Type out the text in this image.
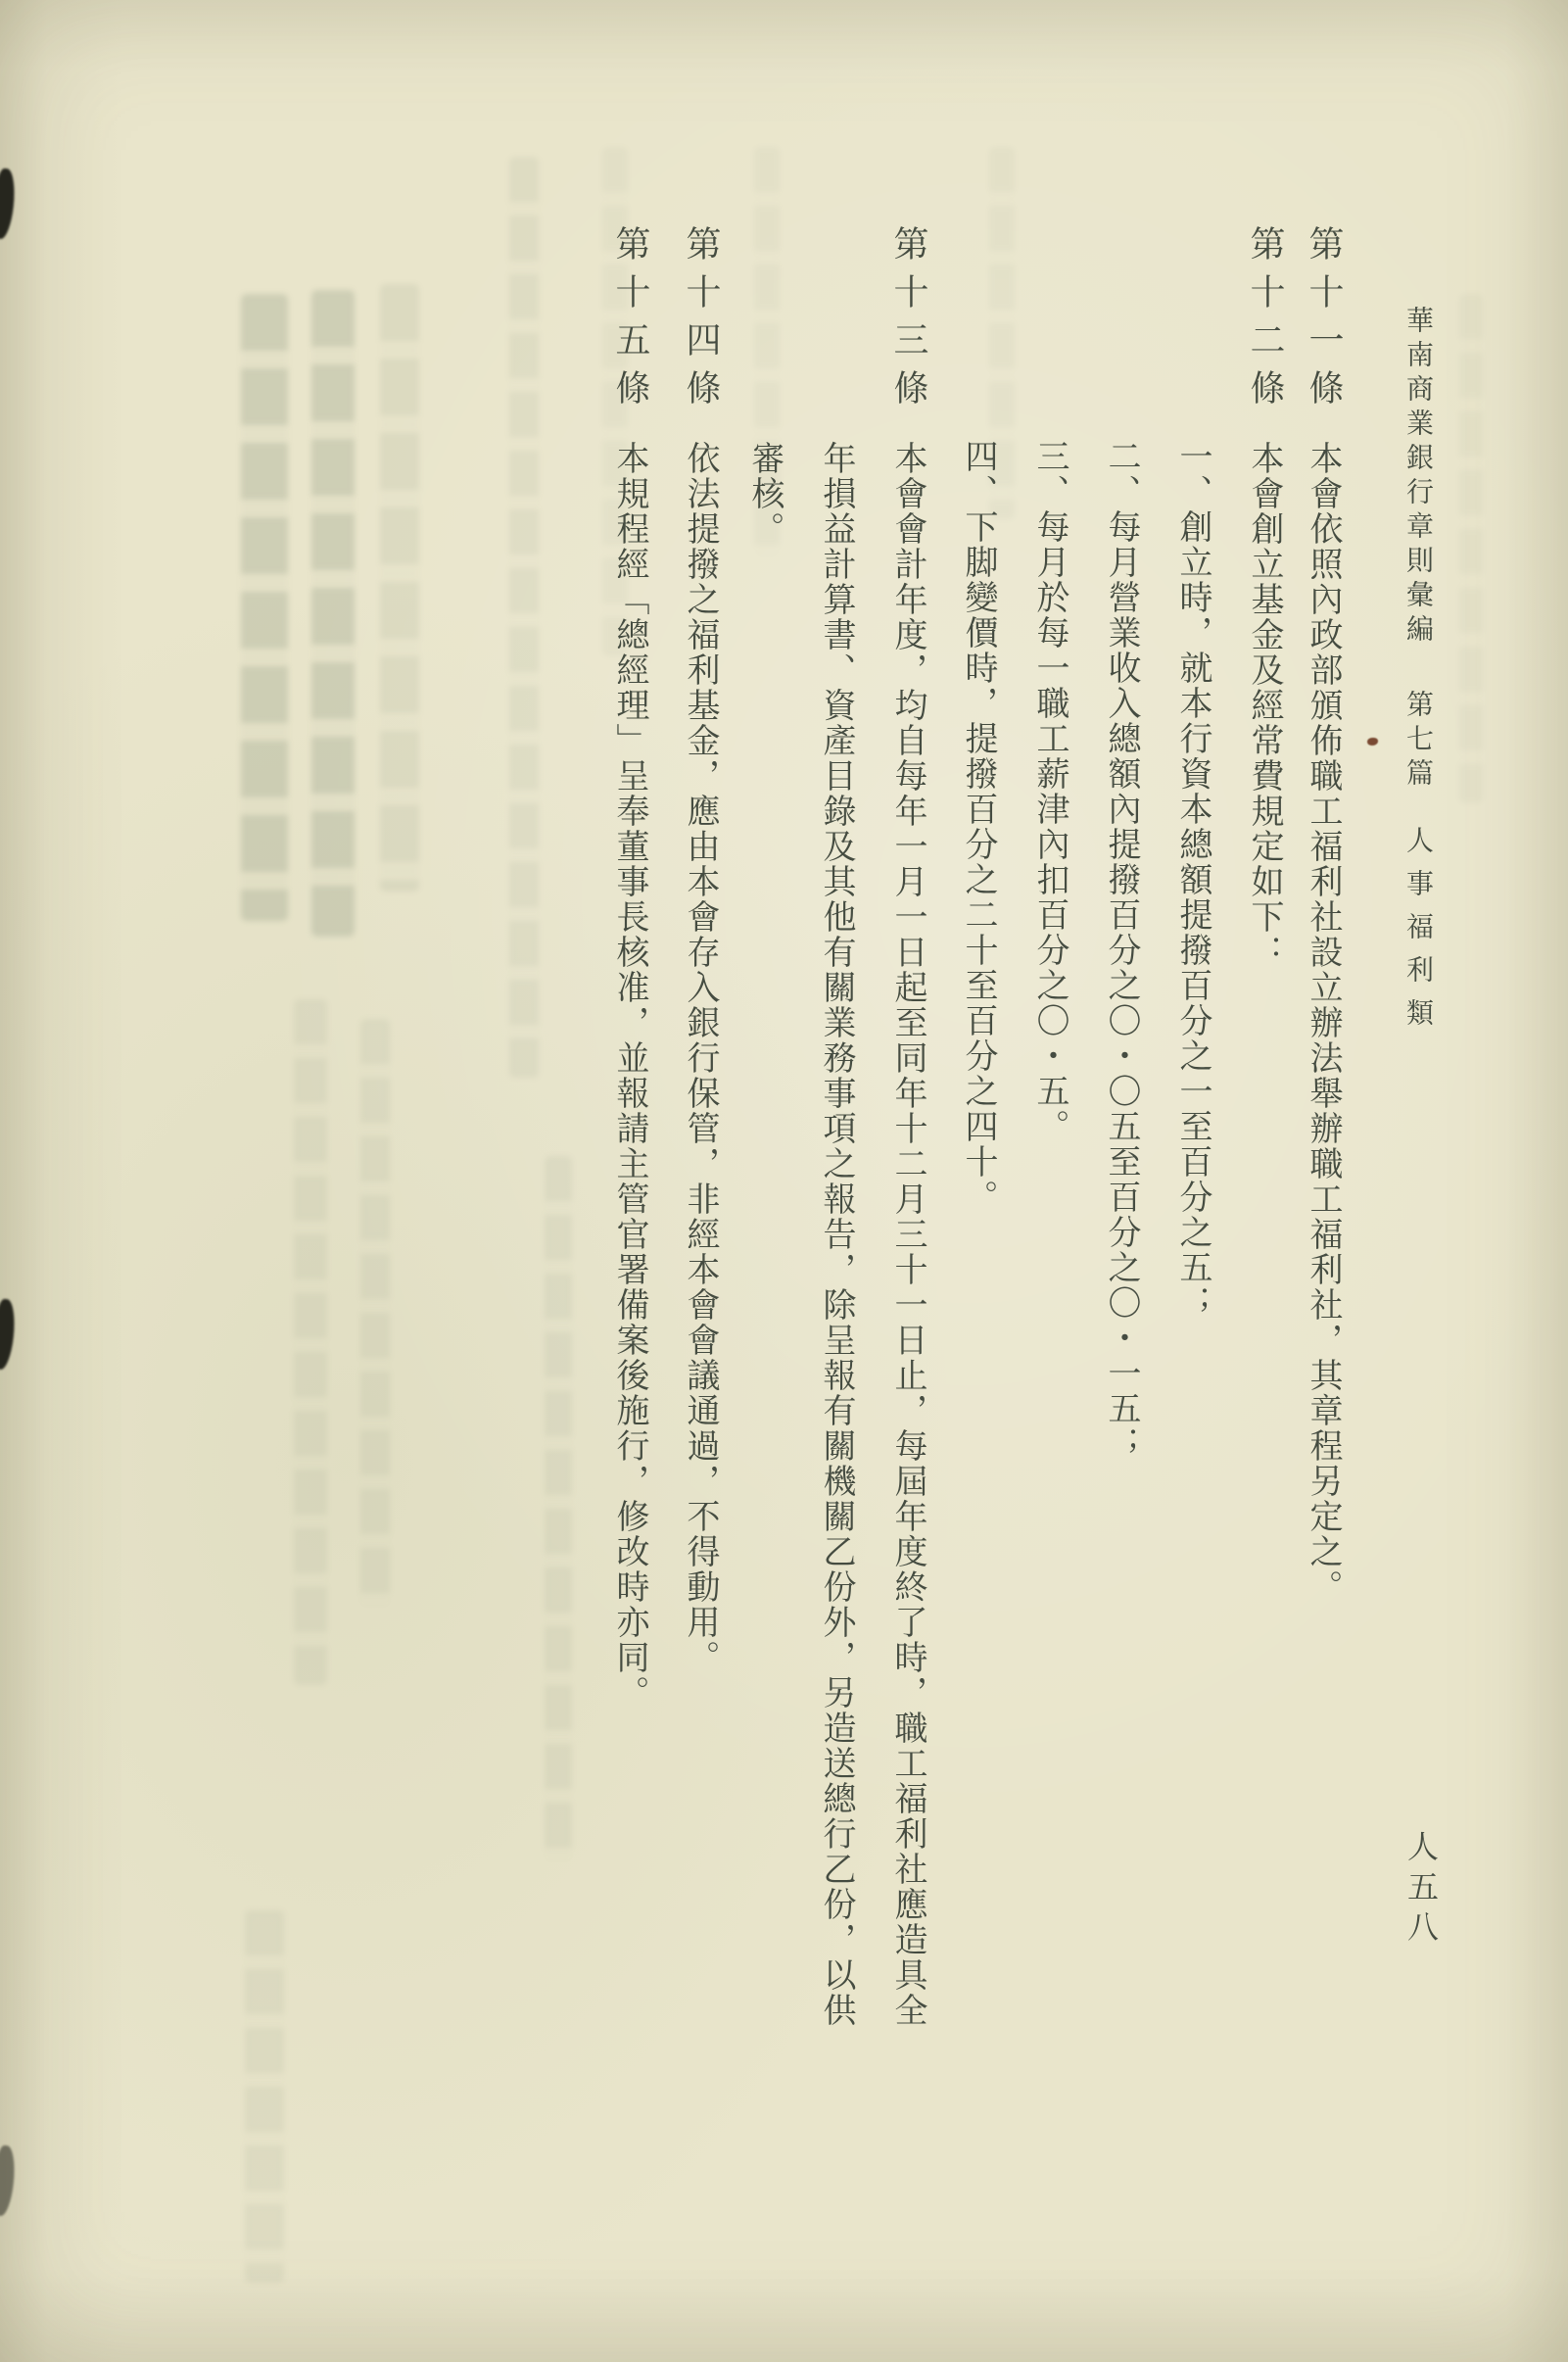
華南商業銀行章則彙編第七篇人事福利類
第十一條本會依照內政部頒佈職工福利社設立辦法舉辦職工福利社，其章程另定之。
第十二條本會創立基金及經常費規定如下：
一、創立時，就本行資本總額提撥百分之一至百分之五；
二、每月營業收入總額內提撥百分之〇・〇五至百分之〇・一五；
三、每月於每一職工薪津內扣百分之〇・五。
四、下脚變價時，提撥百分之二十至百分之四十。
第十三條本會會計年度，均自每年一月一日起至同年十二月三十一日止，每屆年度終了時，職工福利社應造具全年損益計算書、資產目錄及其他有關業務事項之報告，除呈報有關機關乙份外，另造送總行乙份，以供審核。
第十四條依法提撥之福利基金，應由本會存入銀行保管，非經本會會議通過，不得動用。
第十五條本規程經「總經理」呈奉董事長核准，並報請主管官署備案後施行，修改時亦同。
人五八
